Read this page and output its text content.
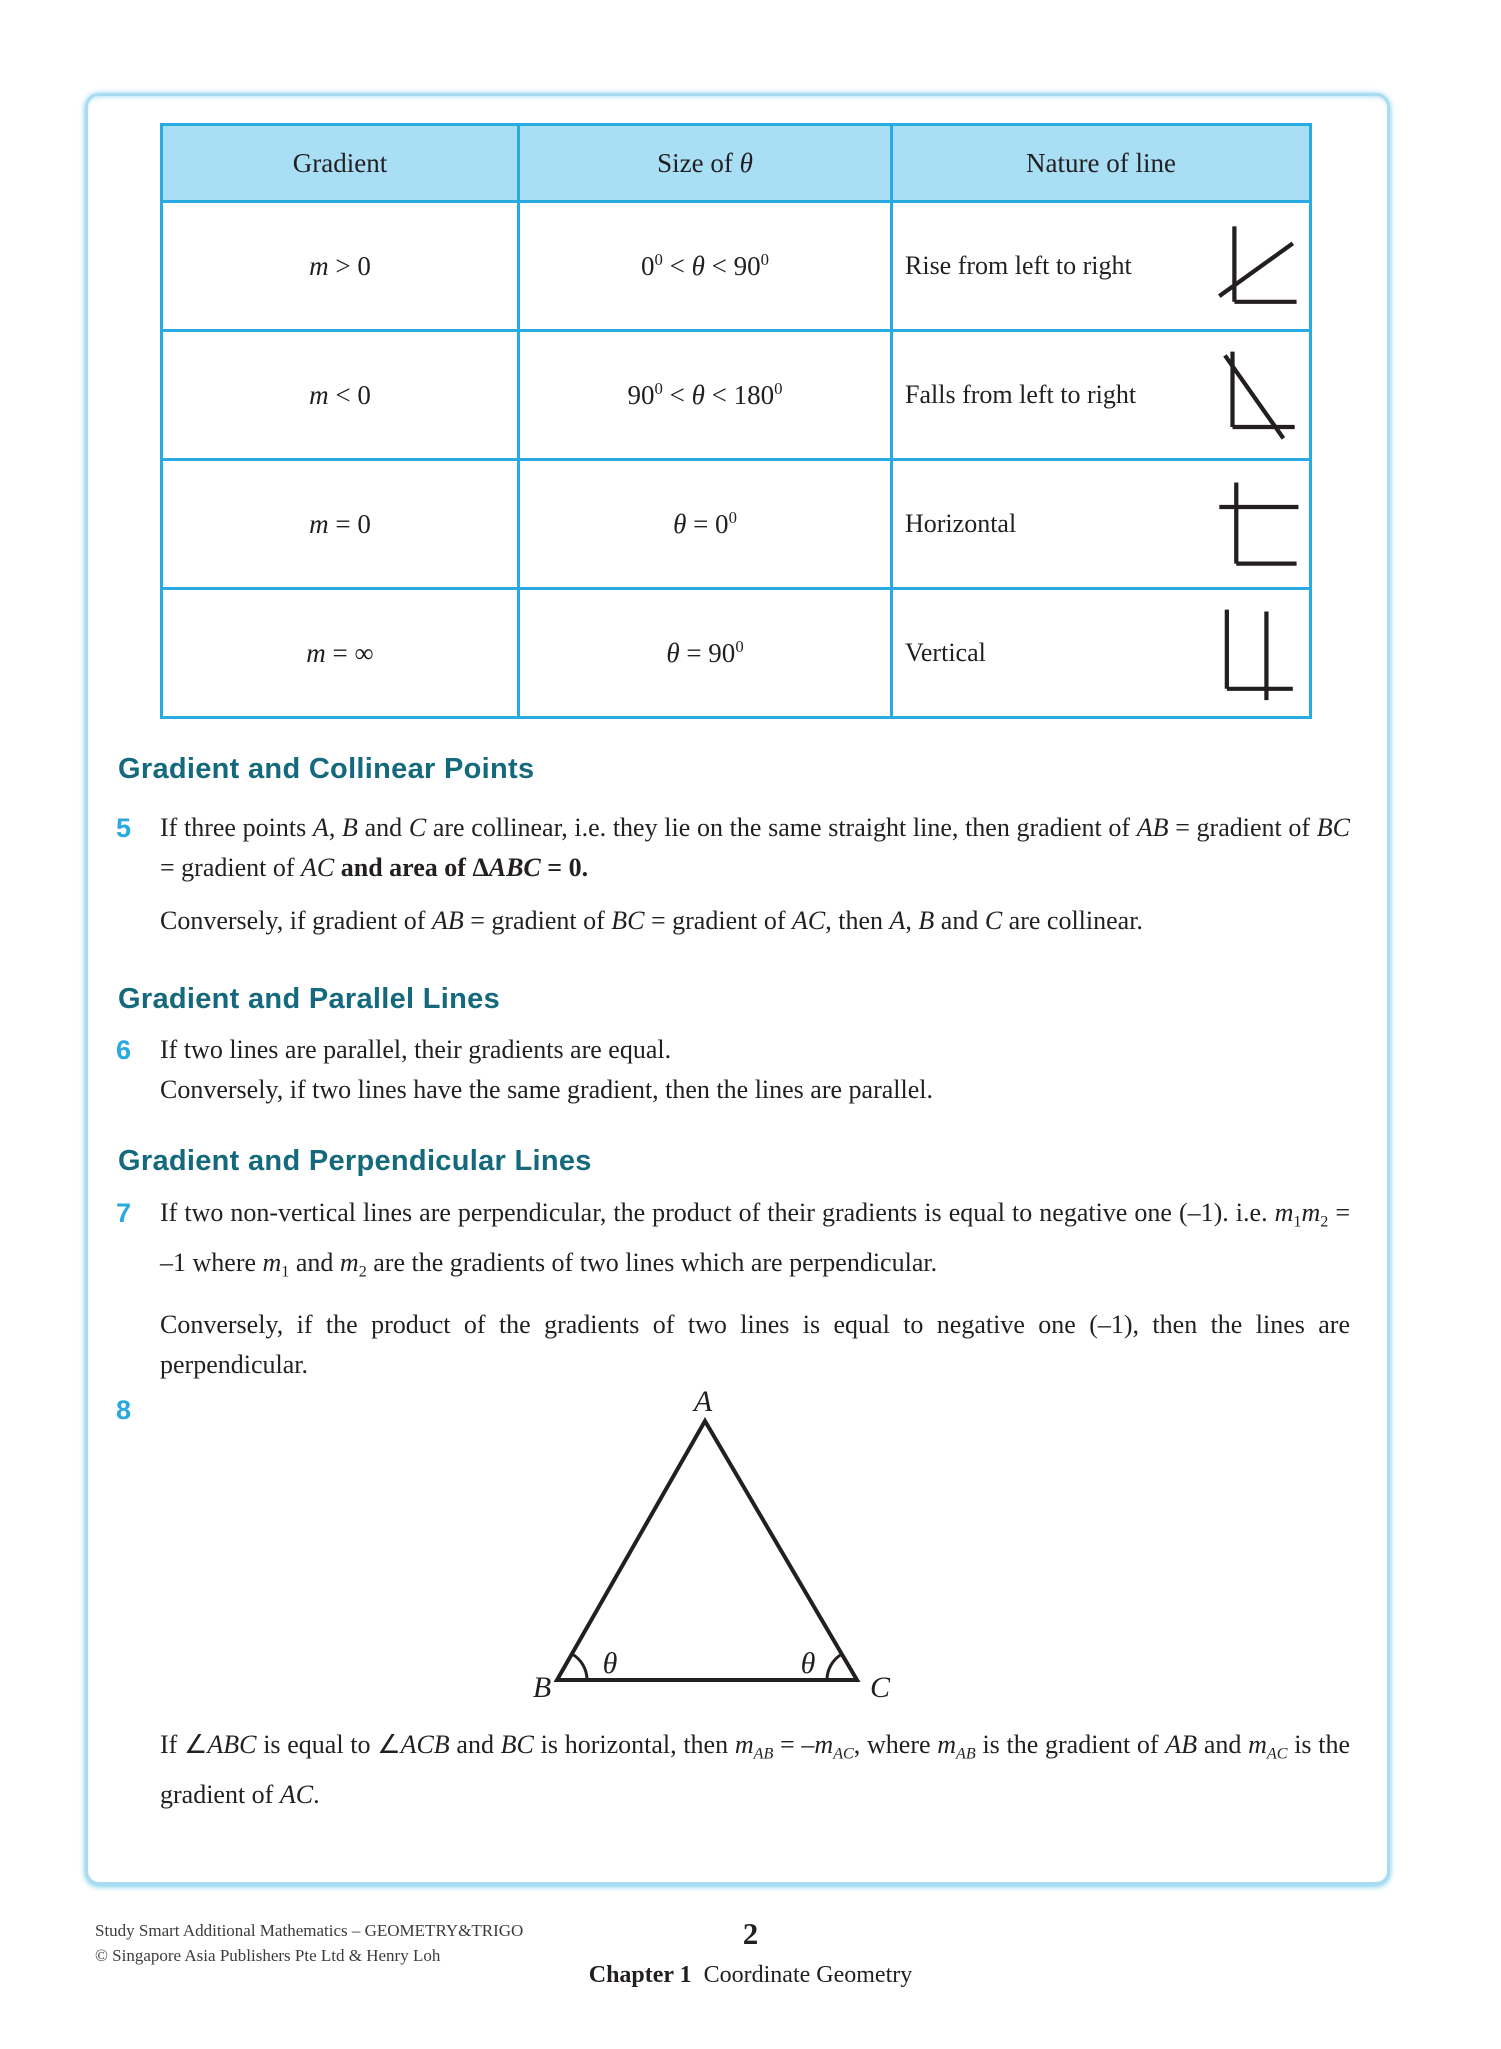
Gradient	Size of θ	Nature of line
m > 0	$0^0 < \theta < 90^0$	Rise from left to right

m < 0	$90^0 < \theta < 180^0$	Falls from left to right

m = 0	$\theta = 0^0$	Horizontal

m = ∞	$\theta = 90^0$	Vertical
Gradient and Collinear Points
5	If three points A, B and C are collinear, i.e. they lie on the same straight line, then gradient of AB = gradient of BC = gradient of AC and area of ΔABC = 0.

Conversely, if gradient of AB = gradient of BC = gradient of AC, then A, B and C are collinear.

Gradient and Parallel Lines
6	If two lines are parallel, their gradients are equal.

Conversely, if two lines have the same gradient, then the lines are parallel.

Gradient and Perpendicular Lines
7	If two non-vertical lines are perpendicular, the product of their gradients is equal to negative one (–1). i.e. $m_1m_2 = -1$ where $m_1$ and $m_2$ are the gradients of two lines which are perpendicular.

Conversely, if the product of the gradients of two lines is equal to negative one (–1), then the lines are perpendicular.

8	A
B	C
θ	θ

If ∠ABC is equal to ∠ACB and BC is horizontal, then $m_{AB} = -m_{AC}$, where $m_{AB}$ is the gradient of AB and $m_{AC}$ is the gradient of AC.

Study Smart Additional Mathematics – GEOMETRY&TRIGO
© Singapore Asia Publishers Pte Ltd & Henry Loh
2
Chapter 1 Coordinate Geometry
